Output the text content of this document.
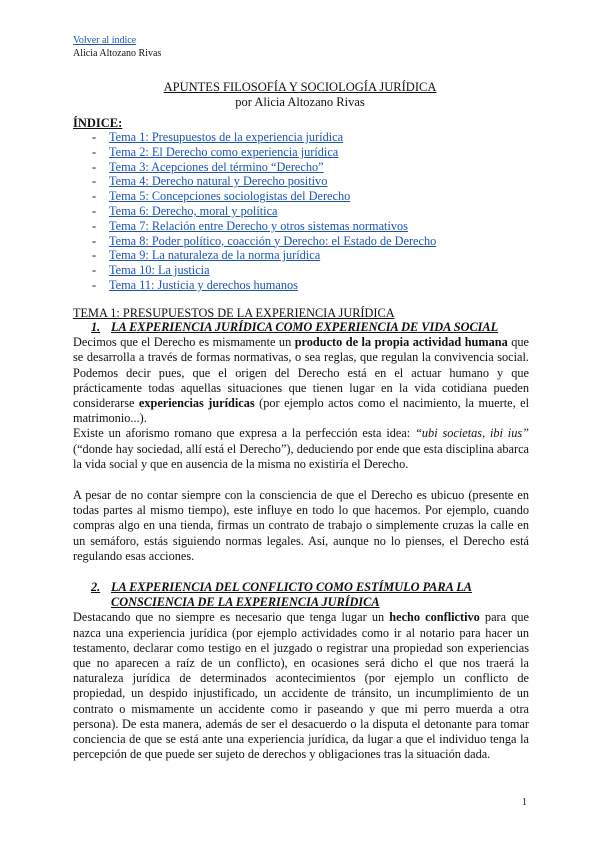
Volver al índice
Alicia Altozano Rivas
APUNTES FILOSOFÍA Y SOCIOLOGÍA JURÍDICA
por Alicia Altozano Rivas
ÍNDICE:
-	Tema 1: Presupuestos de la experiencia jurídica
-	Tema 2: El Derecho como experiencia jurídica
-	Tema 3: Acepciones del término “Derecho”
-	Tema 4: Derecho natural y Derecho positivo
-	Tema 5: Concepciones sociologistas del Derecho
-	Tema 6: Derecho, moral y política
-	Tema 7: Relación entre Derecho y otros sistemas normativos
-	Tema 8: Poder político, coacción y Derecho: el Estado de Derecho
-	Tema 9: La naturaleza de la norma jurídica
-	Tema 10: La justicia
-	Tema 11: Justicia y derechos humanos
TEMA 1: PRESUPUESTOS DE LA EXPERIENCIA JURÍDICA
1. LA EXPERIENCIA JURÍDICA COMO EXPERIENCIA DE VIDA SOCIAL

Decimos que el Derecho es mismamente un producto de la propia actividad humana que se desarrolla a través de formas normativas, o sea reglas, que regulan la convivencia social. Podemos decir pues, que el origen del Derecho está en el actuar humano y que prácticamente todas aquellas situaciones que tienen lugar en la vida cotidiana pueden considerarse experiencias jurídicas (por ejemplo actos como el nacimiento, la muerte, el matrimonio...).

Existe un aforismo romano que expresa a la perfección esta idea: “ubi societas, ibi ius” (“donde hay sociedad, allí está el Derecho”), deduciendo por ende que esta disciplina abarca la vida social y que en ausencia de la misma no existiría el Derecho.

A pesar de no contar siempre con la consciencia de que el Derecho es ubicuo (presente en todas partes al mismo tiempo), este influye en todo lo que hacemos. Por ejemplo, cuando compras algo en una tienda, firmas un contrato de trabajo o simplemente cruzas la calle en un semáforo, estás siguiendo normas legales. Así, aunque no lo pienses, el Derecho está regulando esas acciones.

2. LA EXPERIENCIA DEL CONFLICTO COMO ESTÍMULO PARA LA CONSCIENCIA DE LA EXPERIENCIA JURÍDICA

Destacando que no siempre es necesario que tenga lugar un hecho conflictivo para que nazca una experiencia jurídica (por ejemplo actividades como ir al notario para hacer un testamento, declarar como testigo en el juzgado o registrar una propiedad son experiencias que no aparecen a raíz de un conflicto), en ocasiones será dicho el que nos traerá la naturaleza jurídica de determinados acontecimientos (por ejemplo un conflicto de propiedad, un despido injustificado, un accidente de tránsito, un incumplimiento de un contrato o mismamente un accidente como ir paseando y que mi perro muerda a otra persona). De esta manera, además de ser el desacuerdo o la disputa el detonante para tomar conciencia de que se está ante una experiencia jurídica, da lugar a que el individuo tenga la percepción de que puede ser sujeto de derechos y obligaciones tras la situación dada.

1
